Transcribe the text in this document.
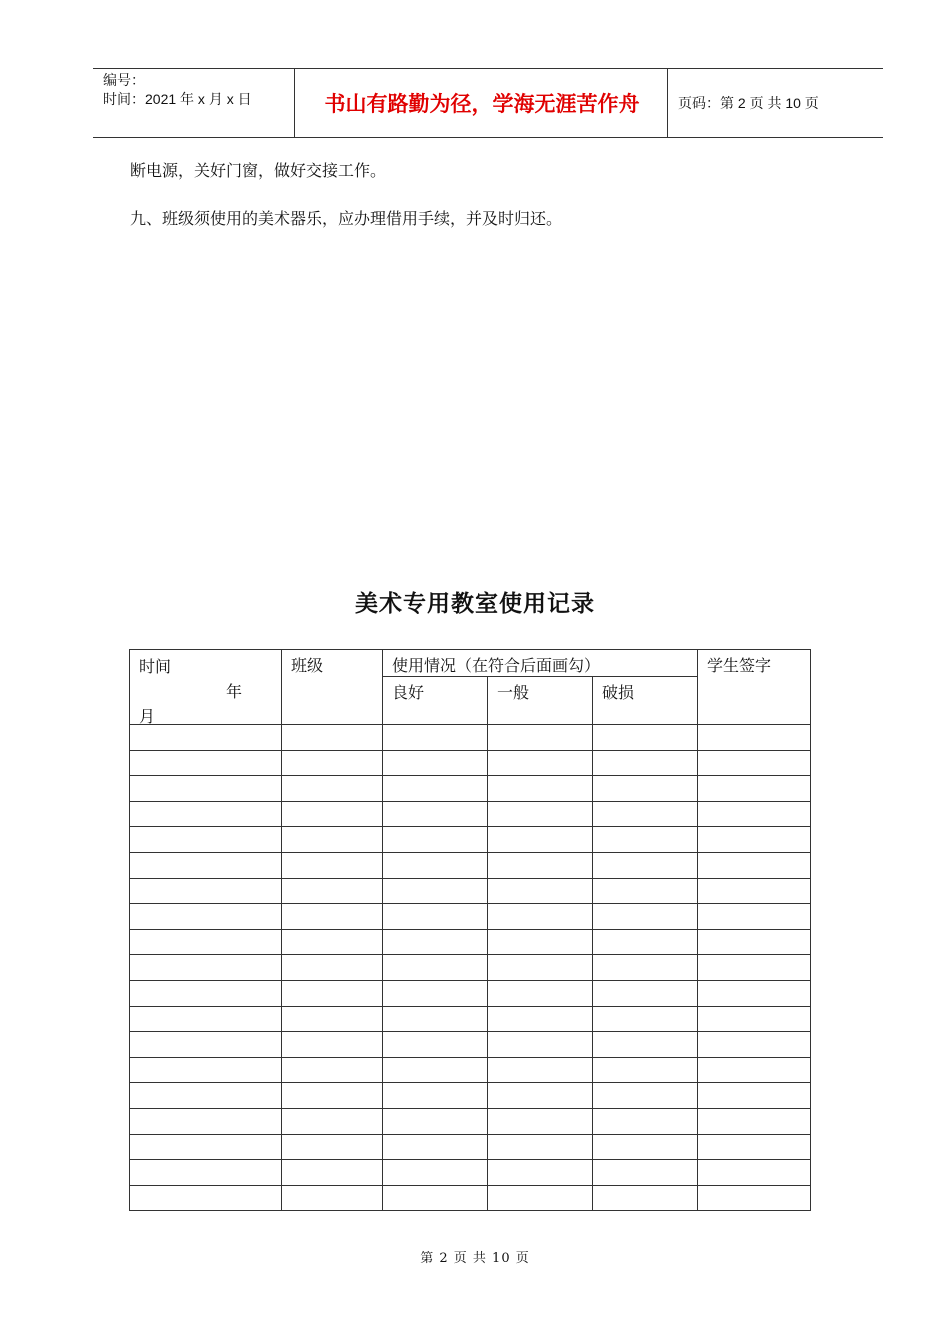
编号：
时间：2021 年 x 月 x 日	书山有路勤为径，学海无涯苦作舟	页码：第 2 页 共 10 页
断电源，关好门窗，做好交接工作。
九、班级须使用的美术器乐，应办理借用手续，并及时归还。
美术专用教室使用记录
时间
年
月	班级	使用情况（在符合后面画勾）			学生签字
		良好	一般	破损	

第 2 页 共 10 页
